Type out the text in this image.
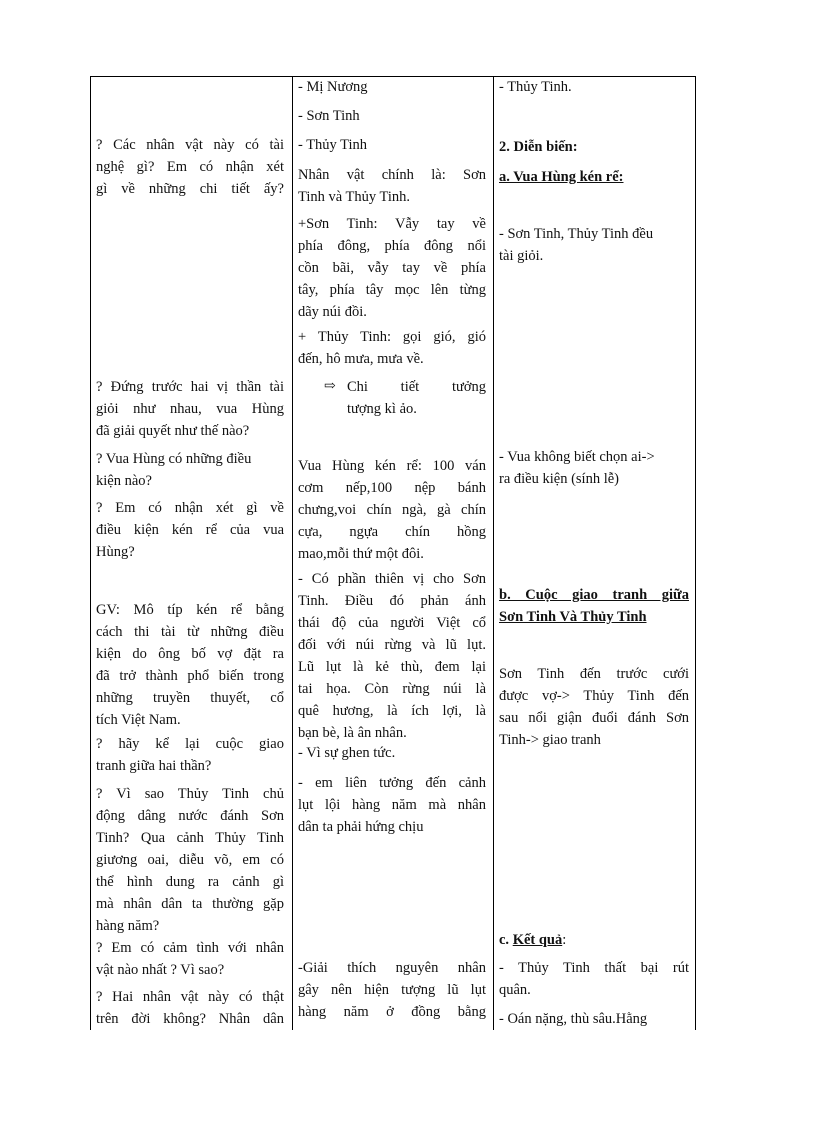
? Các nhân vật này có tài
nghệ gì? Em có nhận xét
gì về những chi tiết ấy?
? Đứng trước hai vị thần tài
giỏi như nhau, vua Hùng
đã giải quyết như thế nào?
? Vua Hùng có những điều
kiện nào?
? Em có nhận xét gì về
điều kiện kén rể của vua
Hùng?
GV: Mô típ kén rể bằng
cách thi tài từ những điều
kiện do ông bố vợ đặt ra
đã trở thành phổ biến trong
những truyền thuyết, cổ
tích Việt Nam.
? hãy kể lại cuộc giao
tranh giữa hai thần?
? Vì sao Thủy Tinh chủ
động dâng nước đánh Sơn
Tinh? Qua cảnh Thủy Tinh
giương oai, diễu võ, em có
thể hình dung ra cảnh gì
mà nhân dân ta thường gặp
hàng năm?
? Em có cảm tình với nhân
vật nào nhất ? Vì sao?
? Hai nhân vật này có thật
trên đời không? Nhân dân
- Mị Nương
- Sơn Tinh
- Thủy Tinh
Nhân vật chính là: Sơn
Tinh và Thủy Tinh.
+Sơn Tinh: Vẫy tay về
phía đông, phía đông nổi
cồn bãi, vẫy tay về phía
tây, phía tây mọc lên từng
dãy núi đồi.
+ Thủy Tinh: gọi gió, gió
đến, hô mưa, mưa về.
⇨ Chi tiết tưởng
tượng kì ảo.
Vua Hùng kén rể: 100 ván
cơm nếp,100 nệp bánh
chưng,voi chín ngà, gà chín
cựa, ngựa chín hồng
mao,mỗi thứ một đôi.
- Có phần thiên vị cho Sơn
Tinh. Điều đó phản ánh
thái độ của người Việt cổ
đối với núi rừng và lũ lụt.
Lũ lụt là kẻ thù, đem lại
tai họa. Còn rừng núi là
quê hương, là ích lợi, là
bạn bè, là ân nhân.
- Vì sự ghen tức.
- em liên tưởng đến cảnh
lụt lội hàng năm mà nhân
dân ta phải hứng chịu
-Giải thích nguyên nhân
gây nên hiện tượng lũ lụt
hàng năm ở đồng bằng
- Thủy Tinh.
2. Diễn biến:
a. Vua Hùng kén rể:
- Sơn Tinh, Thủy Tinh đều
tài giỏi.
- Vua không biết chọn ai->
ra điều kiện (sính lễ)
b. Cuộc giao tranh giữa
Sơn Tinh Và Thủy Tinh
Sơn Tinh đến trước cưới
được vợ-> Thủy Tinh đến
sau nổi giận đuổi đánh Sơn
Tinh-> giao tranh
c. Kết quả:
- Thủy Tinh thất bại rút
quân.
- Oán nặng, thù sâu.Hằng
